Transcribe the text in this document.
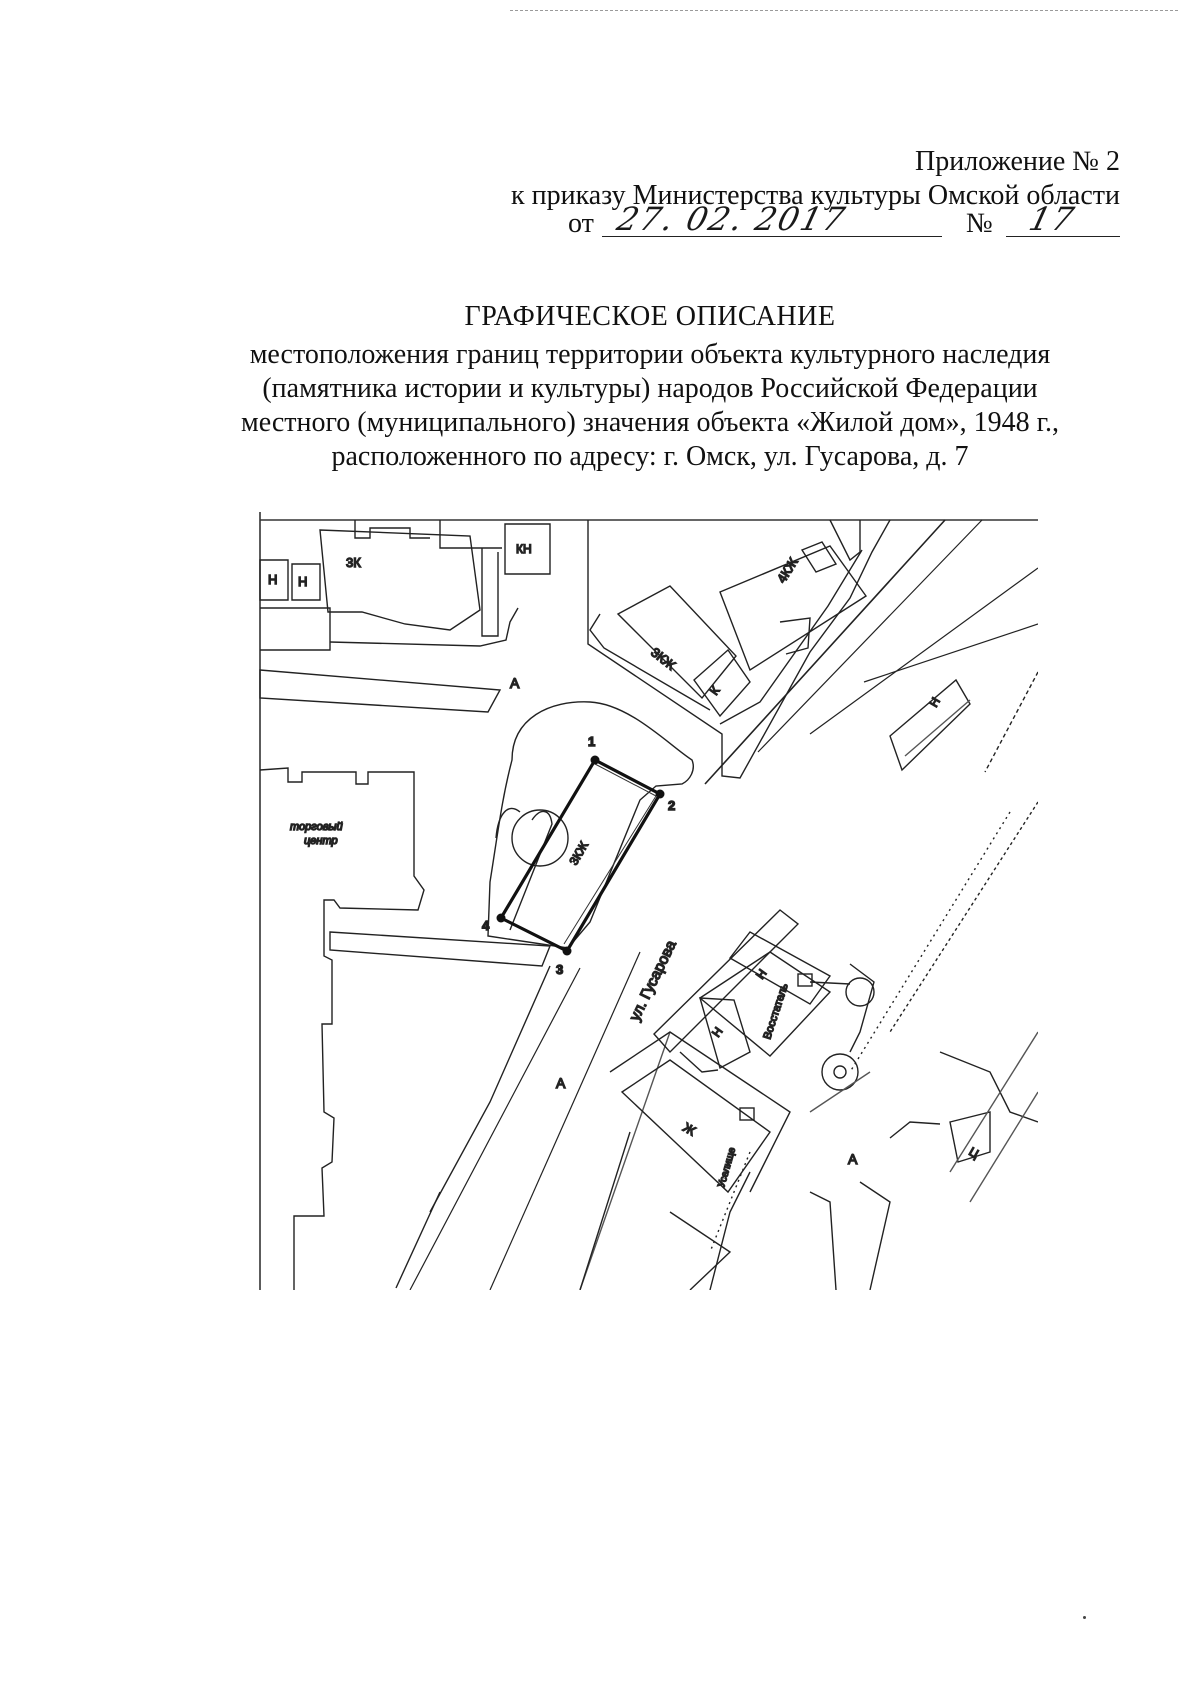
Приложение № 2
к приказу Министерства культуры Омской области
от 27. 02. 2017	№ 17
ГРАФИЧЕСКОЕ ОПИСАНИЕ
местоположения границ территории объекта культурного наследия
(памятника истории и культуры) народов Российской Федерации
местного (муниципального) значения объекта «Жилой дом», 1948 г.,
расположенного по адресу: г. Омск, ул. Гусарова, д. 7
3К
КН
Н Н
А
3КЖ
К
4КЖ
Н
1
2
3
4
3КЖ
торговый
центр
ул. Гусарова	Н
Восстатель
Н
А
Ж
Уселище	А	Ц
